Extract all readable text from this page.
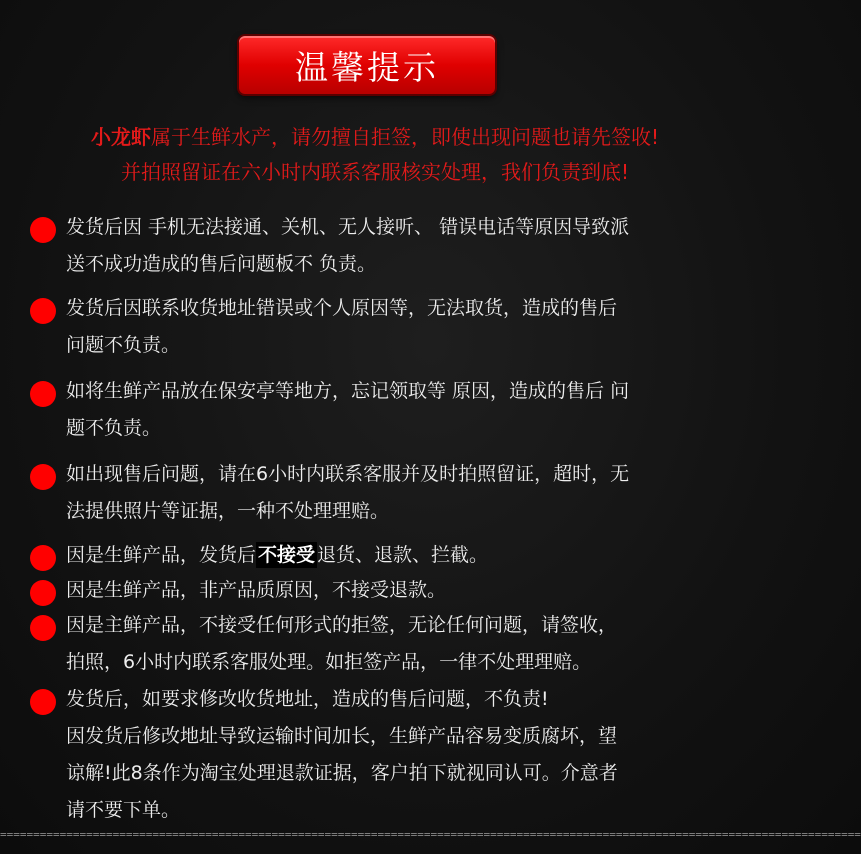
温馨提示
小龙虾属于生鲜水产，请勿擅自拒签，即使出现问题也请先签收!
并拍照留证在六小时内联系客服核实处理，我们负责到底!

发货后因 手机无法接通、关机、无人接听、 错误电话等原因导致派

送不成功造成的售后问题板不 负责。

发货后因联系收货地址错误或个人原因等，无法取货，造成的售后

问题不负责。

如将生鲜产品放在保安亭等地方，忘记领取等 原因，造成的售后 问

题不负责。

如出现售后问题，请在6小时内联系客服并及时拍照留证，超时，无

法提供照片等证据，一种不处理理赔。

因是生鲜产品，发货后 不接受 退货、退款、拦截。

因是生鲜产品，非产品质原因，不接受退款。

因是主鲜产品，不接受任何形式的拒签，无论任何问题，请签收，

拍照，6小时内联系客服处理。如拒签产品，一律不处理理赔。

发货后，如要求修改收货地址，造成的售后问题，不负责!

因发货后修改地址导致运输时间加长，生鲜产品容易变质腐坏，望

谅解!此8条作为淘宝处理退款证据，客户拍下就视同认可。介意者

请不要下单。

==================================================================================================================================
